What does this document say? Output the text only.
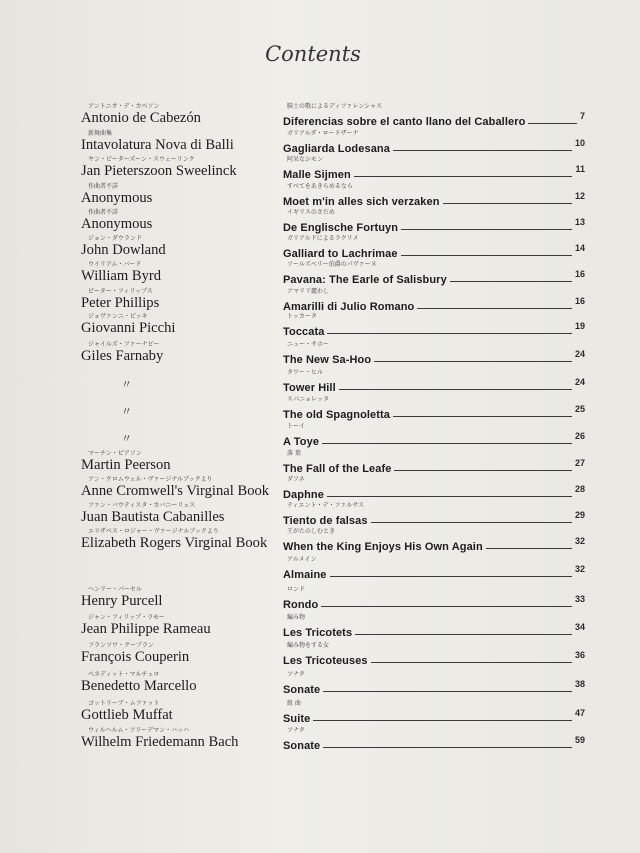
Contents
アントニオ・デ・カベソン
Antonio de Cabezón
騎士の歌によるディファレンシャス
Diferencias sobre el canto llano del Caballero	7
新舞曲集
Intavolatura Nova di Balli
ガリアルダ・ロードザーナ
Gagliarda Lodesana	10
ヤン・ピーターズーン・スウェーリンク
Jan Pieterszoon Sweelinck
阿呆なシモン
Malle Sijmen	11
作曲者不詳
Anonymous
すべてをあきらめるなら
Moet m'in alles sich verzaken	12
作曲者不詳
Anonymous
イギリスのさだめ
De Englische Fortuyn	13
ジョン・ダウランド
John Dowland
ガリアルドによるラクリメ
Galliard to Lachrimae	14
ウイリアム・バード
William Byrd
ソールズベリー伯爵のパヴァーヌ
Pavana: The Earle of Salisbury	16
ピーター・フィリップス
Peter Phillips
アマリリ麗わし
Amarilli di Julio Romano	16
ジョヴァンニ・ピッキ
Giovanni Picchi
トッカータ
Toccata	19
ジャイルズ・ファーナビー
Giles Farnaby
ニュー・サホー
The New Sa-Hoo	24
〃
タワー・ヒル
Tower Hill	24
〃
スパニョレッタ
The old Spagnoletta	25
〃
トーイ
A Toye	26
マーチン・ピアソン
Martin Peerson
落 葉
The Fall of the Leafe	27
アン・クロムウェル・ヴァージナルブックより
Anne Cromwell's Virginal Book
ダフネ
Daphne	28
ファン・バウティスタ・カバニーリェス
Juan Bautista Cabanilles
ティエント・デ・ファルサス
Tiento de falsas	29
エリザベス・ロジャー・ヴァージナルブックより
Elizabeth Rogers Virginal Book
王がたのしむとき
When the King Enjoys His Own Again	32
アルメイン
Almaine	32
ヘンリー・パーセル
Henry Purcell
ロンド
Rondo	33
ジャン・フィリップ・ラモー
Jean Philippe Rameau
編み物
Les Tricotets	34
フランソワ・クープラン
François Couperin
編み物をする女
Les Tricoteuses	36
ベネディット・マルチェロ
Benedetto Marcello
ソナタ
Sonate	38
ゴットリーブ・ムファット
Gottlieb Muffat
組 曲
Suite	47
ウィルヘルム・フリーデマン・バッハ
Wilhelm Friedemann Bach
ソナタ
Sonate	59
